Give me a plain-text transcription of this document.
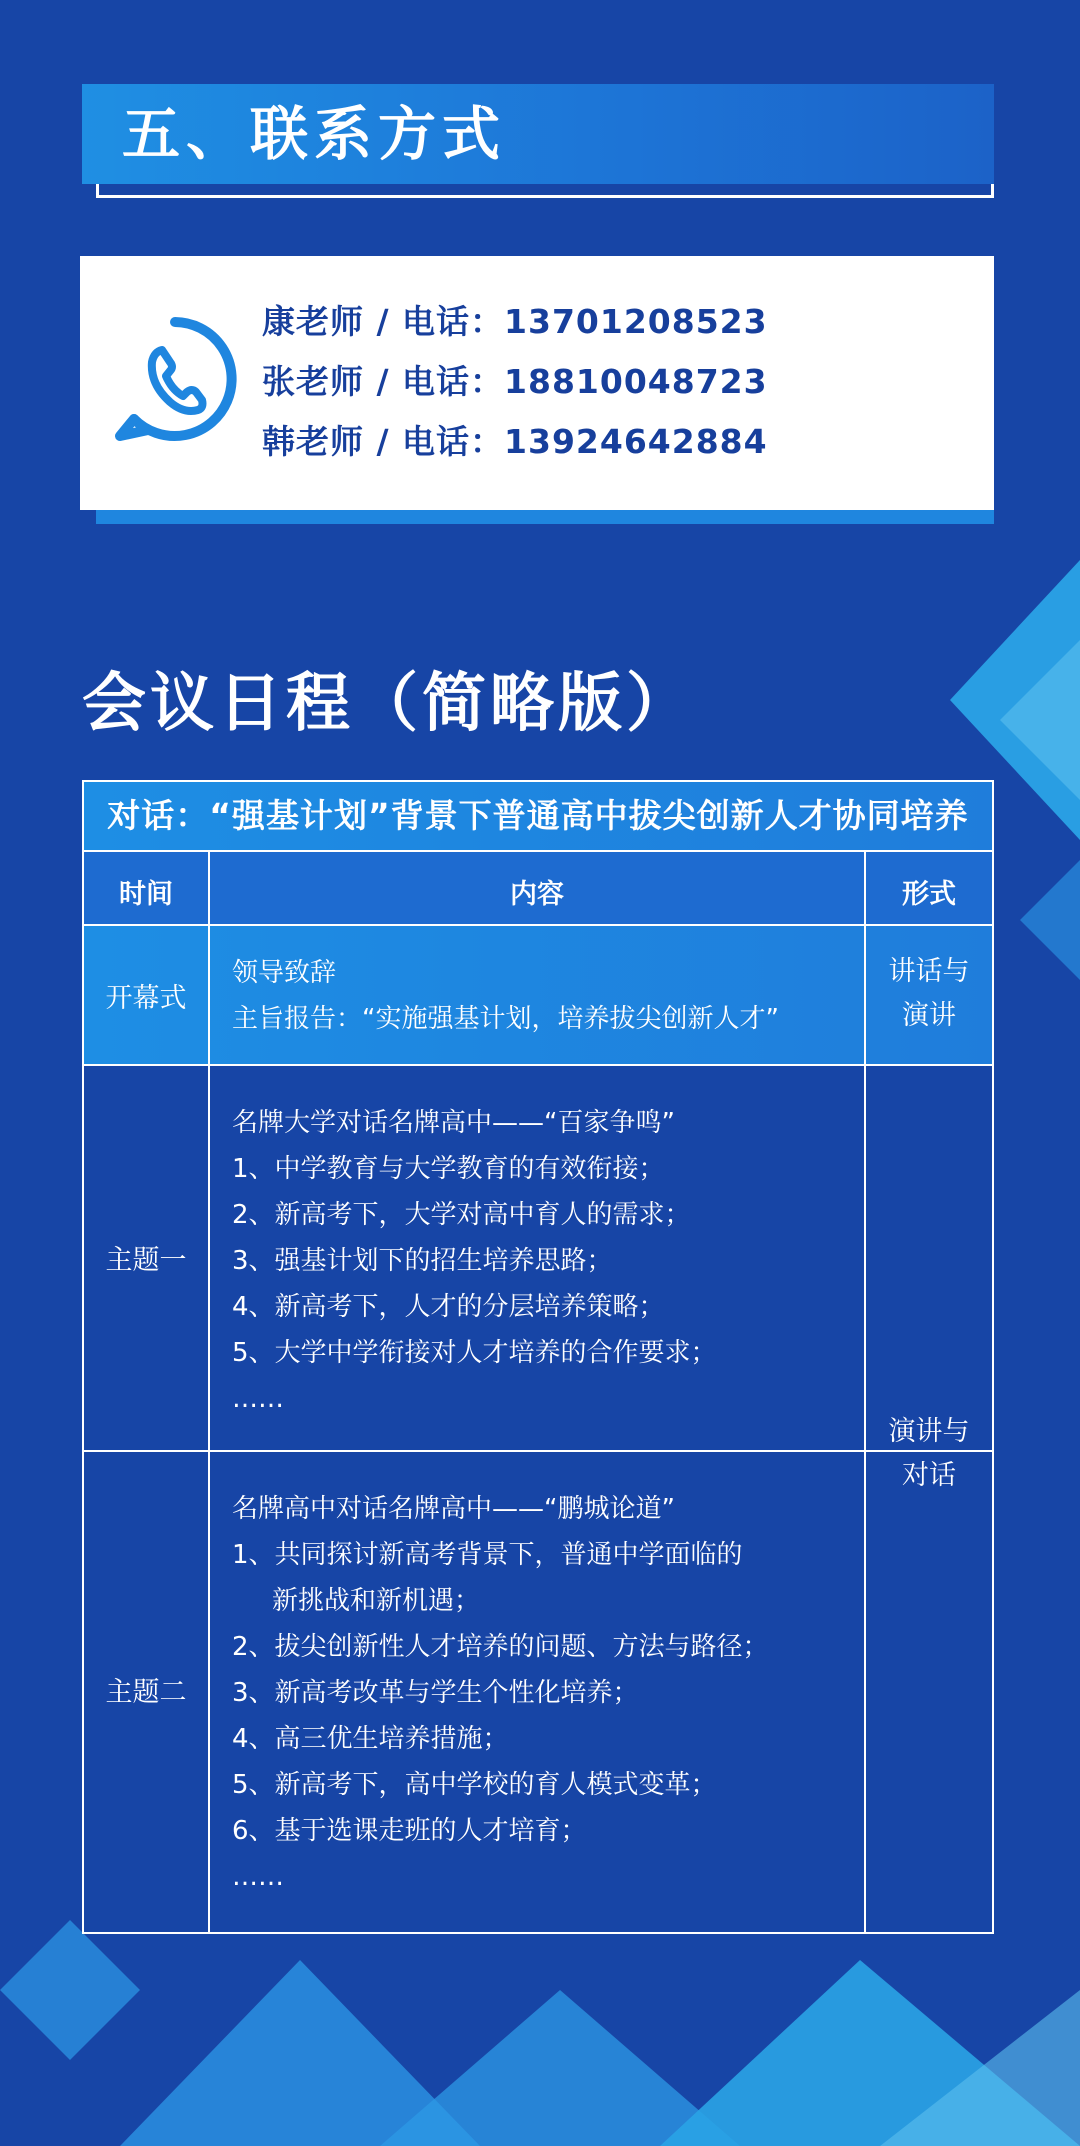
五、联系方式
康老师 / 电话：13701208523
张老师 / 电话：18810048723
韩老师 / 电话：13924642884
会议日程（简略版）
对话：“强基计划”背景下普通高中拔尖创新人才协同培养
时间	内容	形式
开幕式
领导致辞
主旨报告：“实施强基计划，培养拔尖创新人才”
讲话与
演讲
主题一
名牌大学对话名牌高中——“百家争鸣”
1、中学教育与大学教育的有效衔接；
2、新高考下，大学对高中育人的需求；
3、强基计划下的招生培养思路；
4、新高考下，人才的分层培养策略；
5、大学中学衔接对人才培养的合作要求；
……
主题二
名牌高中对话名牌高中——“鹏城论道”
1、共同探讨新高考背景下，普通中学面临的
新挑战和新机遇；
2、拔尖创新性人才培养的问题、方法与路径；
3、新高考改革与学生个性化培养；
4、高三优生培养措施；
5、新高考下，高中学校的育人模式变革；
6、基于选课走班的人才培育；
……
演讲与
对话
